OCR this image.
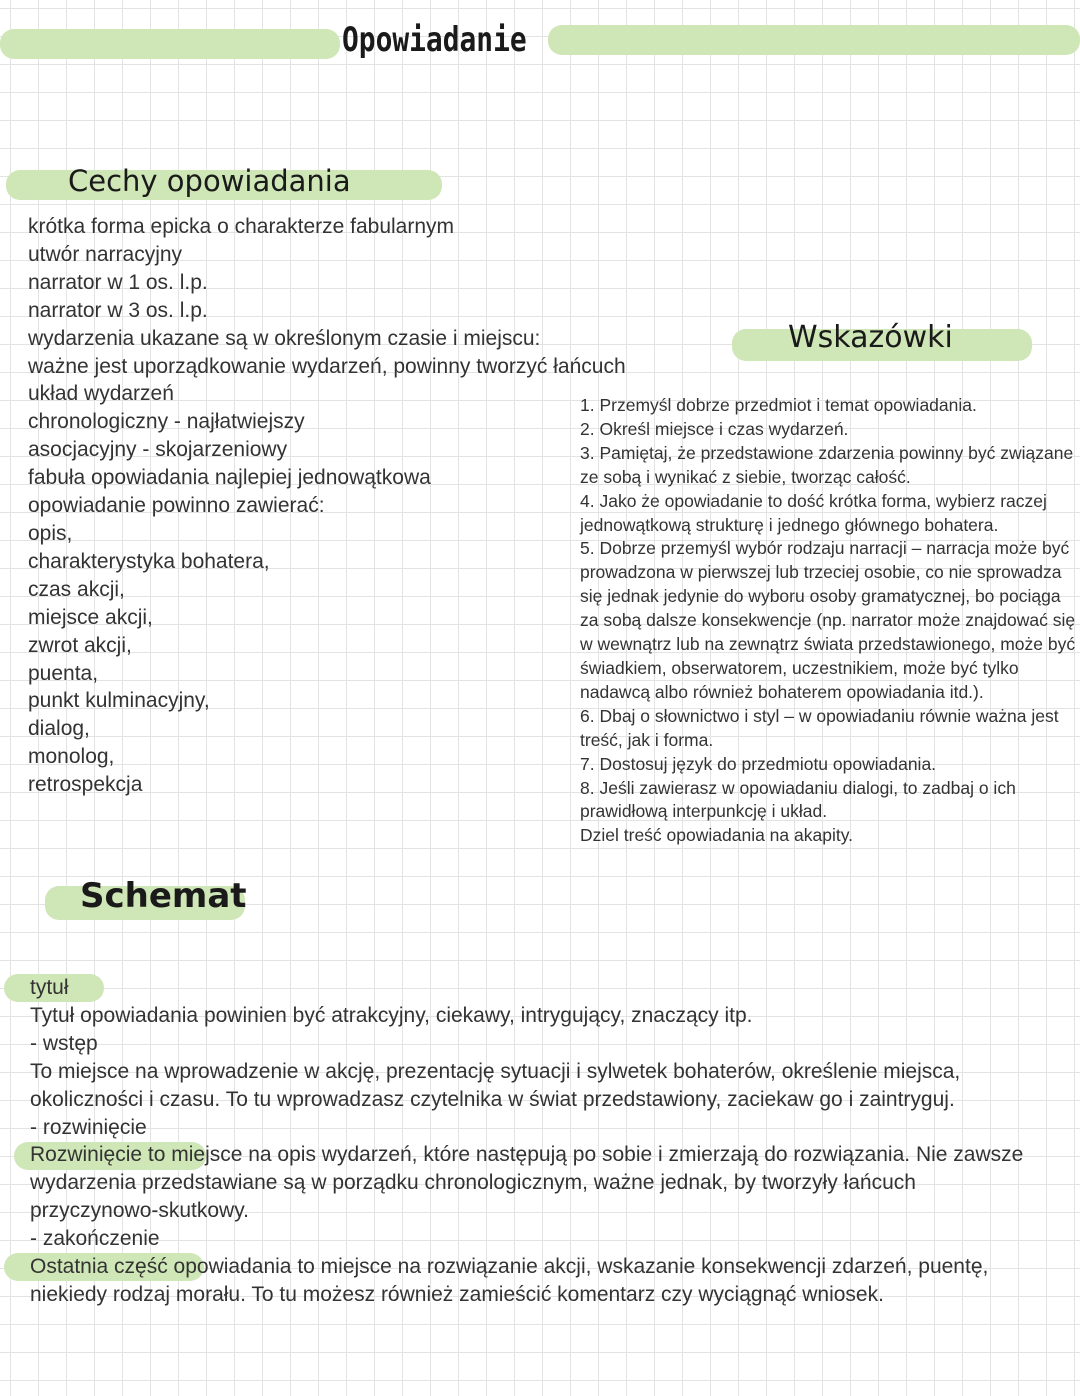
Opowiadanie
Cechy opowiadania
krótka forma epicka o charakterze fabularnym
utwór narracyjny
narrator w 1 os. l.p.
narrator w 3 os. l.p.
wydarzenia ukazane są w określonym czasie i miejscu:
ważne jest uporządkowanie wydarzeń, powinny tworzyć łańcuch
układ wydarzeń
chronologiczny - najłatwiejszy
asocjacyjny - skojarzeniowy
fabuła opowiadania najlepiej jednowątkowa
opowiadanie powinno zawierać:
opis,
charakterystyka bohatera,
czas akcji,
miejsce akcji,
zwrot akcji,
puenta,
punkt kulminacyjny,
dialog,
monolog,
retrospekcja
Wskazówki

1. Przemyśl dobrze przedmiot i temat opowiadania.

2. Określ miejsce i czas wydarzeń.

3. Pamiętaj, że przedstawione zdarzenia powinny być związane ze sobą i wynikać z siebie, tworząc całość.

4. Jako że opowiadanie to dość krótka forma, wybierz raczej jednowątkową strukturę i jednego głównego bohatera.

5. Dobrze przemyśl wybór rodzaju narracji – narracja może być prowadzona w pierwszej lub trzeciej osobie, co nie sprowadza się jednak jedynie do wyboru osoby gramatycznej, bo pociąga za sobą dalsze konsekwencje (np. narrator może znajdować się w wewnątrz lub na zewnątrz świata przedstawionego, może być świadkiem, obserwatorem, uczestnikiem, może być tylko nadawcą albo również bohaterem opowiadania itd.).

6. Dbaj o słownictwo i styl – w opowiadaniu równie ważna jest treść, jak i forma.

7. Dostosuj język do przedmiotu opowiadania.

8. Jeśli zawierasz w opowiadaniu dialogi, to zadbaj o ich prawidłową interpunkcję i układ.

Dziel treść opowiadania na akapity.

Schemat

tytuł

Tytuł opowiadania powinien być atrakcyjny, ciekawy, intrygujący, znaczący itp.

- wstęp

To miejsce na wprowadzenie w akcję, prezentację sytuacji i sylwetek bohaterów, określenie miejsca, okoliczności i czasu. To tu wprowadzasz czytelnika w świat przedstawiony, zaciekaw go i zaintryguj.

- rozwinięcie

Rozwinięcie to miejsce na opis wydarzeń, które następują po sobie i zmierzają do rozwiązania. Nie zawsze wydarzenia przedstawiane są w porządku chronologicznym, ważne jednak, by tworzyły łańcuch przyczynowo-skutkowy.

- zakończenie

Ostatnia część opowiadania to miejsce na rozwiązanie akcji, wskazanie konsekwencji zdarzeń, puentę, niekiedy rodzaj morału. To tu możesz również zamieścić komentarz czy wyciągnąć wniosek.
